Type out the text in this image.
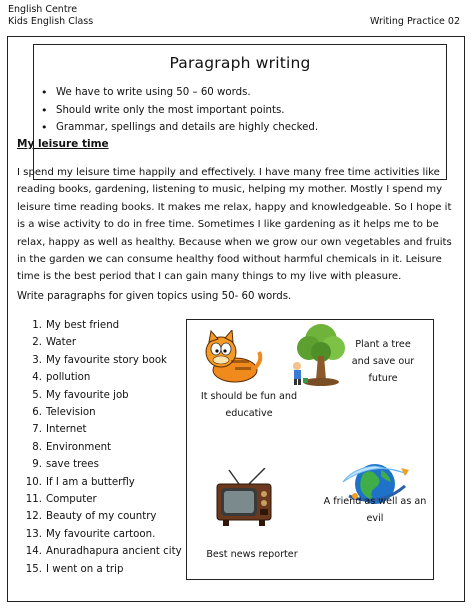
English Centre
Kids English Class	Writing Practice 02
Paragraph writing
• We have to write using 50 – 60 words.
• Should write only the most important points.
• Grammar, spellings and details are highly checked.
My leisure time
I spend my leisure time happily and effectively. I have many free time activities like
reading books, gardening, listening to music, helping my mother. Mostly I spend my
leisure time reading books. It makes me relax, happy and knowledgeable. So I hope it
is a wise activity to do in free time. Sometimes I like gardening as it helps me to be
relax, happy as well as healthy. Because when we grow our own vegetables and fruits
in the garden we can consume healthy food without harmful chemicals in it. Leisure
time is the best period that I can gain many things to my live with pleasure.

Write paragraphs for given topics using 50- 60 words.

1. My best friend
2. Water
3. My favourite story book
4. pollution
5. My favourite job
6. Television
7. Internet
8. Environment
9. save trees
10. If I am a butterfly
11. Computer
12. Beauty of my country
13. My favourite cartoon.
14. Anuradhapura ancient city
15. I went on a trip
It should be fun and
educative
Plant a tree
and save our
future
A friend as well as an
evil
Best news reporter
